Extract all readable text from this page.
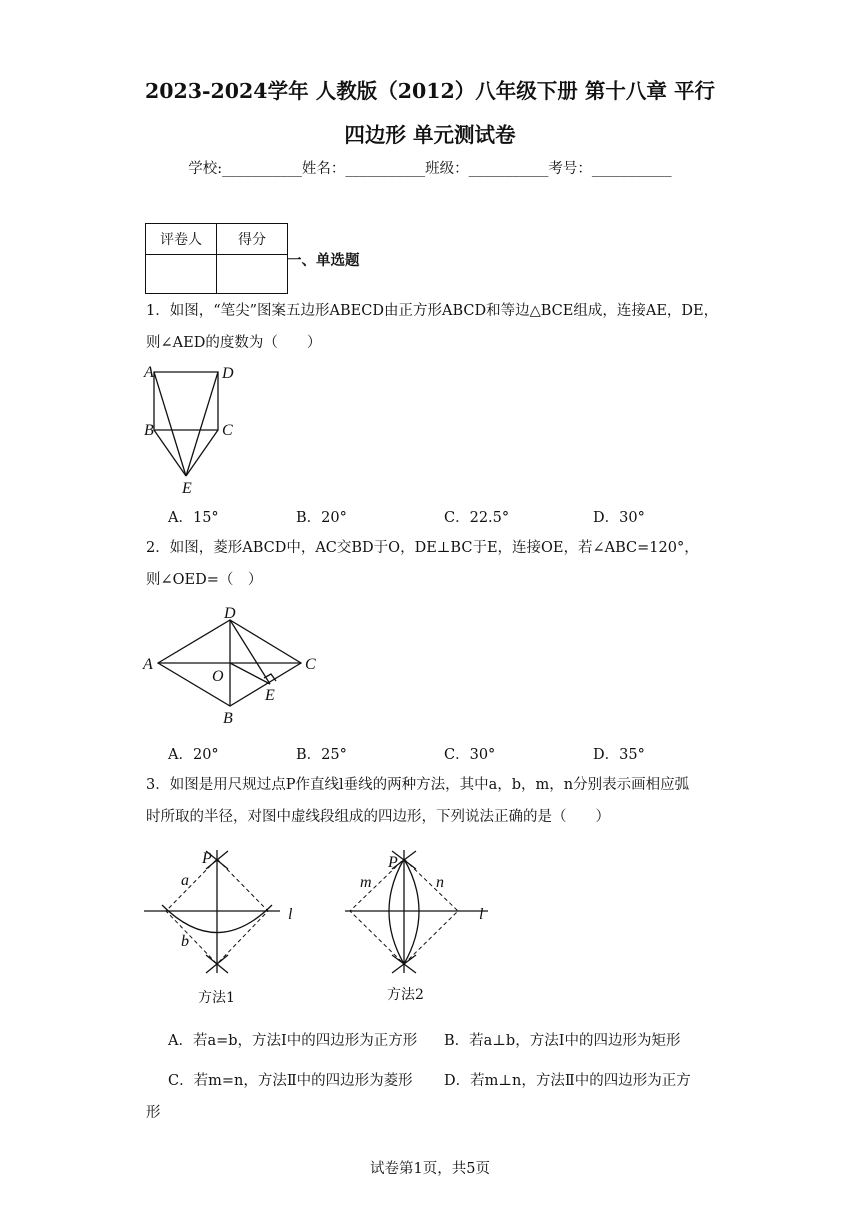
2023-2024学年 人教版（2012）八年级下册 第十八章 平行
四边形 单元测试卷
学校:___________姓名：___________班级：___________考号：___________
评卷人	得分

一、单选题
1．如图，“笔尖”图案五边形ABECD由正方形ABCD和等边△BCE组成，连接AE，DE，
则∠AED的度数为（　　）
A	D
B	C
E
A．15°	B．20°	C．22.5°	D．30°
2．如图，菱形ABCD中，AC交BD于O，DE⊥BC于E，连接OE，若∠ABC=120°，
则∠OED=（　）
D
A
O
C
E
B
A．20°	B．25°	C．30°	D．35°
3．如图是用尺规过点P作直线l垂线的两种方法，其中a，b，m，n分别表示画相应弧
时所取的半径，对图中虚线段组成的四边形，下列说法正确的是（　　）
P
a
b
l
方法1
P
m	n
l
方法2
A．若a=b，方法Ⅰ中的四边形为正方形 B．若a⊥b，方法Ⅰ中的四边形为矩形
C．若m=n，方法Ⅱ中的四边形为菱形 D．若m⊥n，方法Ⅱ中的四边形为正方
形
试卷第1页，共5页
